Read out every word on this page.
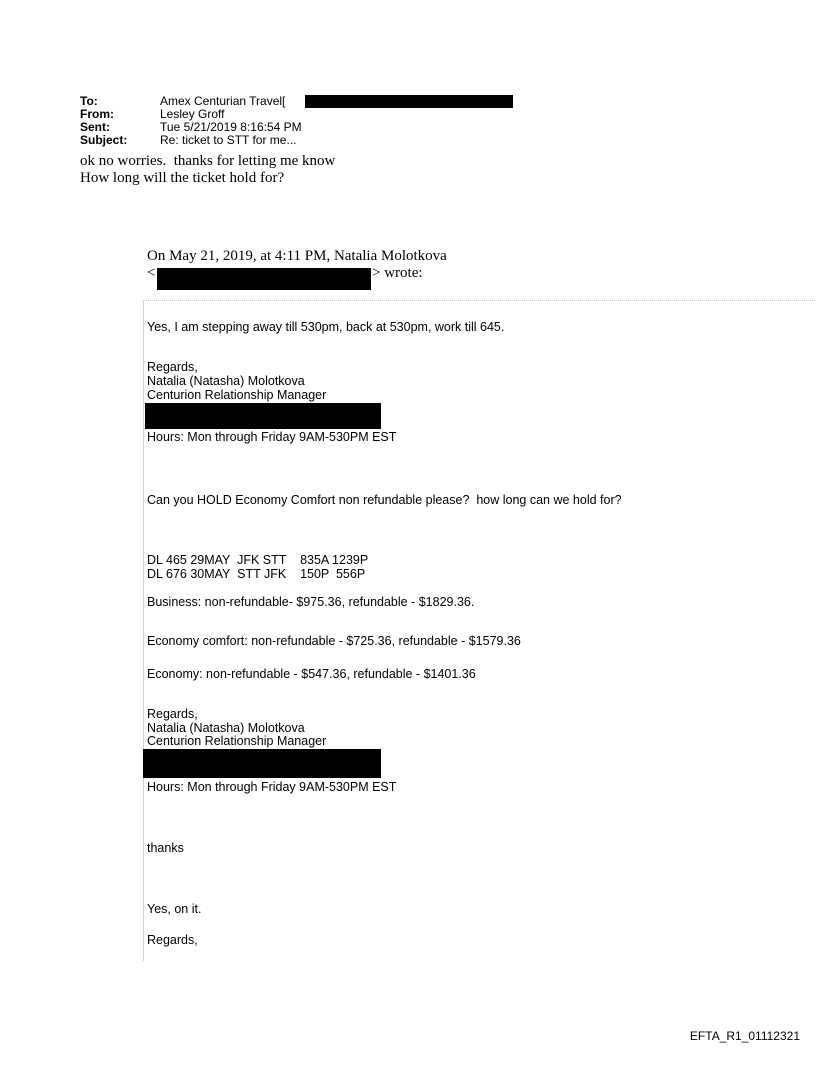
To:	Amex Centurian Travel[
From:	Lesley Groff
Sent:	Tue 5/21/2019 8:16:54 PM
Subject:	Re: ticket to STT for me...
ok no worries.  thanks for letting me know
How long will the ticket hold for?
On May 21, 2019, at 4:11 PM, Natalia Molotkova
<	> wrote:
Yes, I am stepping away till 530pm, back at 530pm, work till 645.
Regards,
Natalia (Natasha) Molotkova
Centurion Relationship Manager
Hours: Mon through Friday 9AM-530PM EST
Can you HOLD Economy Comfort non refundable please?  how long can we hold for?
DL 465 29MAY  JFK STT    835A 1239P
DL 676 30MAY  STT JFK    150P  556P
Business: non-refundable- $975.36, refundable - $1829.36.
Economy comfort: non-refundable - $725.36, refundable - $1579.36
Economy: non-refundable - $547.36, refundable - $1401.36
Regards,
Natalia (Natasha) Molotkova
Centurion Relationship Manager
Hours: Mon through Friday 9AM-530PM EST
thanks
Yes, on it.
Regards,
EFTA_R1_01112321
